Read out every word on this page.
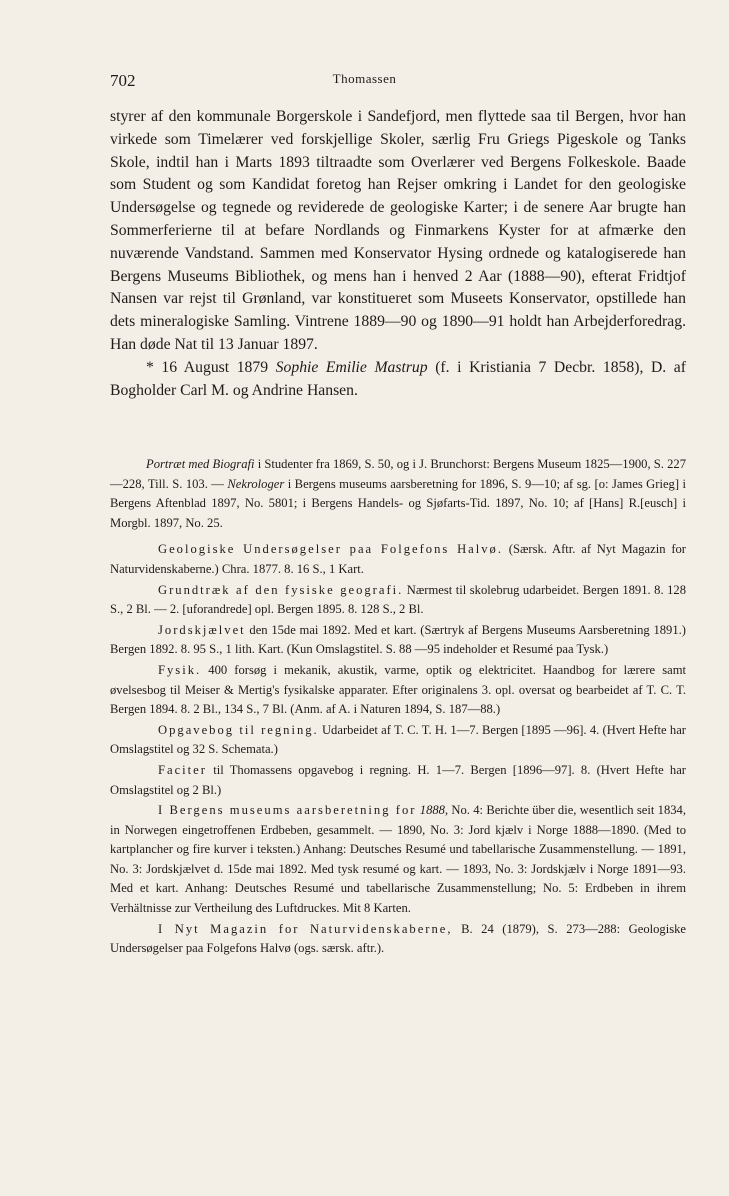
702	Thomassen

styrer af den kommunale Borgerskole i Sandefjord, men flyttede saa til Bergen, hvor han virkede som Timelærer ved forskjellige Skoler, særlig Fru Griegs Pigeskole og Tanks Skole, indtil han i Marts 1893 tiltraadte som Overlærer ved Bergens Folkeskole. Baade som Student og som Kandidat foretog han Rejser omkring i Landet for den geologiske Undersøgelse og tegnede og reviderede de geologiske Karter; i de senere Aar brugte han Sommerferierne til at befare Nordlands og Finmarkens Kyster for at afmærke den nuværende Vandstand. Sammen med Konservator Hysing ordnede og katalogiserede han Bergens Museums Bibliothek, og mens han i henved 2 Aar (1888—90), efterat Fridtjof Nansen var rejst til Grønland, var konstitueret som Museets Konservator, opstillede han dets mineralogiske Samling. Vintrene 1889—90 og 1890—91 holdt han Arbejderforedrag. Han døde Nat til 13 Januar 1897.

* 16 August 1879 Sophie Emilie Mastrup (f. i Kristiania 7 Decbr. 1858), D. af Bogholder Carl M. og Andrine Hansen.

Portræt med Biografi i Studenter fra 1869, S. 50, og i J. Brunchorst: Bergens Museum 1825—1900, S. 227—228, Till. S. 103. — Nekrologer i Bergens museums aarsberetning for 1896, S. 9—10; af sg. [o: James Grieg] i Bergens Aftenblad 1897, No. 5801; i Bergens Handels- og Sjøfarts-Tid. 1897, No. 10; af [Hans] R.[eusch] i Morgbl. 1897, No. 25.

Geologiske Undersøgelser paa Folgefons Halvø. (Særsk. Aftr. af Nyt Magazin for Naturvidenskaberne.) Chra. 1877. 8. 16 S., 1 Kart.

Grundtræk af den fysiske geografi. Nærmest til skolebrug udarbeidet. Bergen 1891. 8. 128 S., 2 Bl. — 2. [uforandrede] opl. Bergen 1895. 8. 128 S., 2 Bl.

Jordskjælvet den 15de mai 1892. Med et kart. (Særtryk af Bergens Museums Aarsberetning 1891.) Bergen 1892. 8. 95 S., 1 lith. Kart. (Kun Omslagstitel. S. 88 —95 indeholder et Resumé paa Tysk.)

Fysik. 400 forsøg i mekanik, akustik, varme, optik og elektricitet. Haandbog for lærere samt øvelsesbog til Meiser & Mertig's fysikalske apparater. Efter originalens 3. opl. oversat og bearbeidet af T. C. T. Bergen 1894. 8. 2 Bl., 134 S., 7 Bl. (Anm. af A. i Naturen 1894, S. 187—88.)

Opgavebog til regning. Udarbeidet af T. C. T. H. 1—7. Bergen [1895 —96]. 4. (Hvert Hefte har Omslagstitel og 32 S. Schemata.)

Faciter til Thomassens opgavebog i regning. H. 1—7. Bergen [1896—97]. 8. (Hvert Hefte har Omslagstitel og 2 Bl.)

I Bergens museums aarsberetning for 1888, No. 4: Berichte über die, wesentlich seit 1834, in Norwegen eingetroffenen Erdbeben, gesammelt. — 1890, No. 3: Jord kjælv i Norge 1888—1890. (Med to kartplancher og fire kurver i teksten.) Anhang: Deutsches Resumé und tabellarische Zusammenstellung. — 1891, No. 3: Jordskjælvet d. 15de mai 1892. Med tysk resumé og kart. — 1893, No. 3: Jordskjælv i Norge 1891—93. Med et kart. Anhang: Deutsches Resumé und tabellarische Zusammenstellung; No. 5: Erdbeben in ihrem Verhältnisse zur Vertheilung des Luftdruckes. Mit 8 Karten.

I Nyt Magazin for Naturvidenskaberne, B. 24 (1879), S. 273—288: Geologiske Undersøgelser paa Folgefons Halvø (ogs. særsk. aftr.).
